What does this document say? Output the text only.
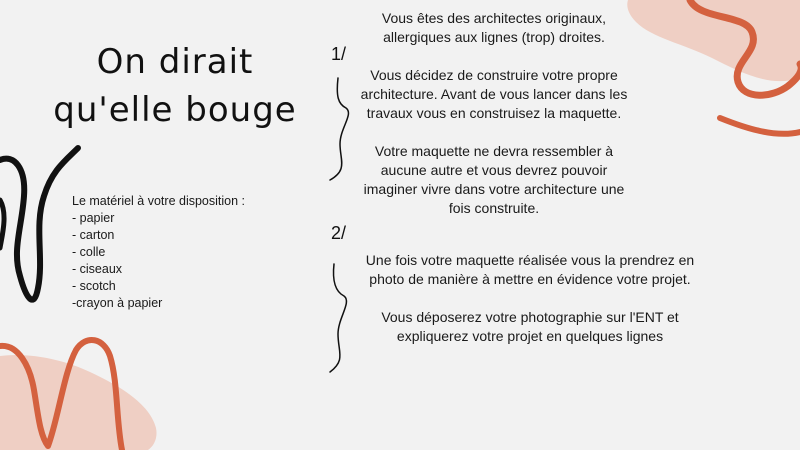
On dirait
qu'elle bouge
Le matériel à votre disposition :
- papier
- carton
- colle
- ciseaux
- scotch
-crayon à papier
1/

Vous êtes des architectes originaux, allergiques aux lignes (trop) droites.

Vous décidez de construire votre propre architecture. Avant de vous lancer dans les travaux vous en construisez la maquette.

Votre maquette ne devra ressembler à aucune autre et vous devrez pouvoir imaginer vivre dans votre architecture une fois construite.

2/

Une fois votre maquette réalisée vous la prendrez en photo de manière à mettre en évidence votre projet.

Vous déposerez votre photographie sur l'ENT et expliquerez votre projet en quelques lignes
